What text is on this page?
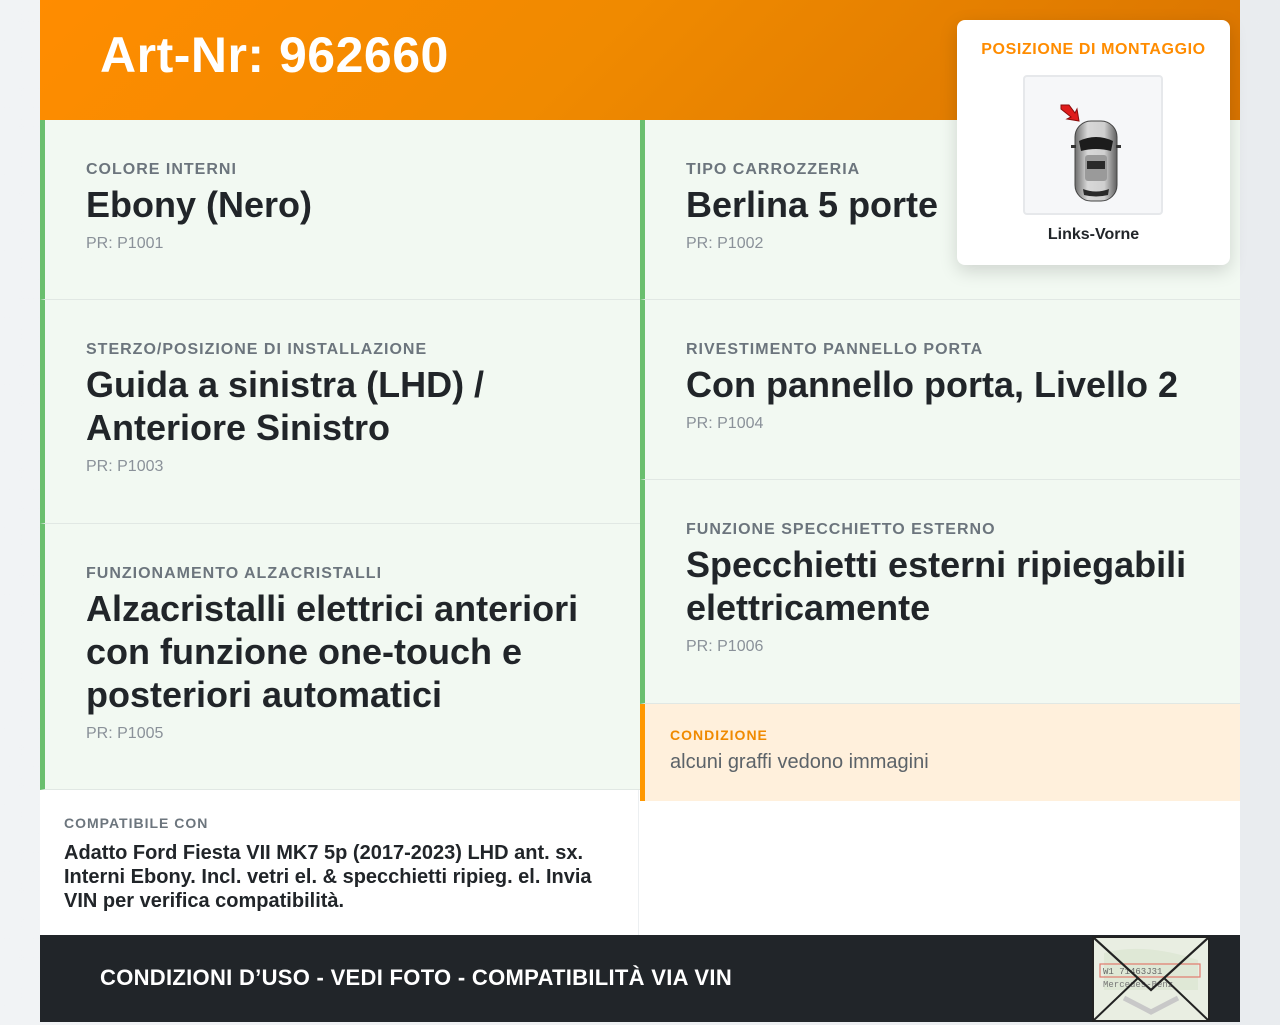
Art-Nr: 962660
COLORE INTERNI
Ebony (Nero)
PR: P1001
STERZO/POSIZIONE DI INSTALLAZIONE
Guida a sinistra (LHD) / Anteriore Sinistro
PR: P1003
FUNZIONAMENTO ALZACRISTALLI
Alzacristalli elettrici anteriori con funzione one-touch e posteriori automatici
PR: P1005
TIPO CARROZZERIA
Berlina 5 porte
PR: P1002
RIVESTIMENTO PANNELLO PORTA
Con pannello porta, Livello 2
PR: P1004
FUNZIONE SPECCHIETTO ESTERNO
Specchietti esterni ripiegabili elettricamente
PR: P1006
CONDIZIONE
alcuni graffi vedono immagini
COMPATIBILE CON
Adatto Ford Fiesta VII MK7 5p (2017-2023) LHD ant. sx. Interni Ebony. Incl. vetri el. & specchietti ripieg. el. Invia VIN per verifica compatibilità.
CONDIZIONI D’USO - VEDI FOTO - COMPATIBILITÀ VIA VIN	W1 71463J31
Mercedes-Benz
POSIZIONE DI MONTAGGIO
Links-Vorne
